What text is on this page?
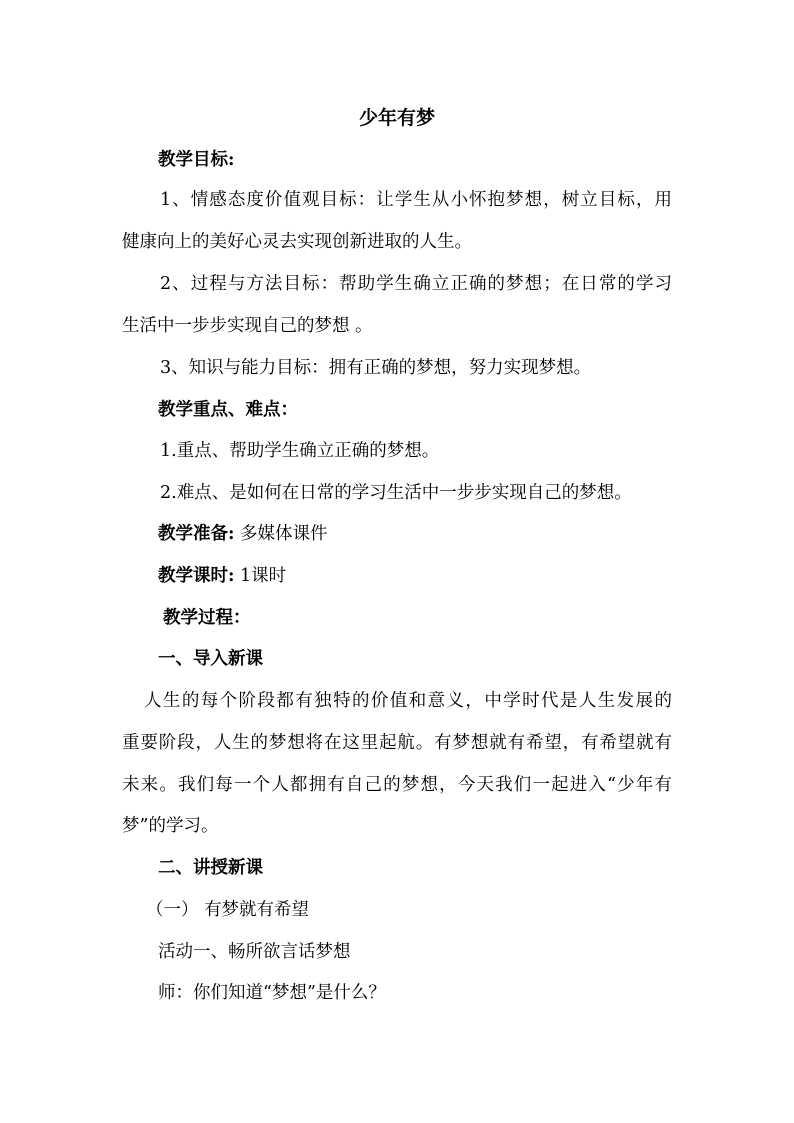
少年有梦

教学目标:

1、情感态度价值观目标：让学生从小怀抱梦想，树立目标，用

健康向上的美好心灵去实现创新进取的人生。

2、过程与方法目标：帮助学生确立正确的梦想；在日常的学习

生活中一步步实现自己的梦想 。

3、知识与能力目标：拥有正确的梦想，努力实现梦想。

教学重点、难点：

1.重点、帮助学生确立正确的梦想。

2.难点、是如何在日常的学习生活中一步步实现自己的梦想。

教学准备: 多媒体课件

教学课时: 1课时

教学过程：

一、导入新课

人生的每个阶段都有独特的价值和意义，中学时代是人生发展的

重要阶段，人生的梦想将在这里起航。有梦想就有希望，有希望就有

未来。我们每一个人都拥有自己的梦想，今天我们一起进入“少年有

梦”的学习。

二、讲授新课

（一） 有梦就有希望

活动一、畅所欲言话梦想

师：你们知道“梦想”是什么？
